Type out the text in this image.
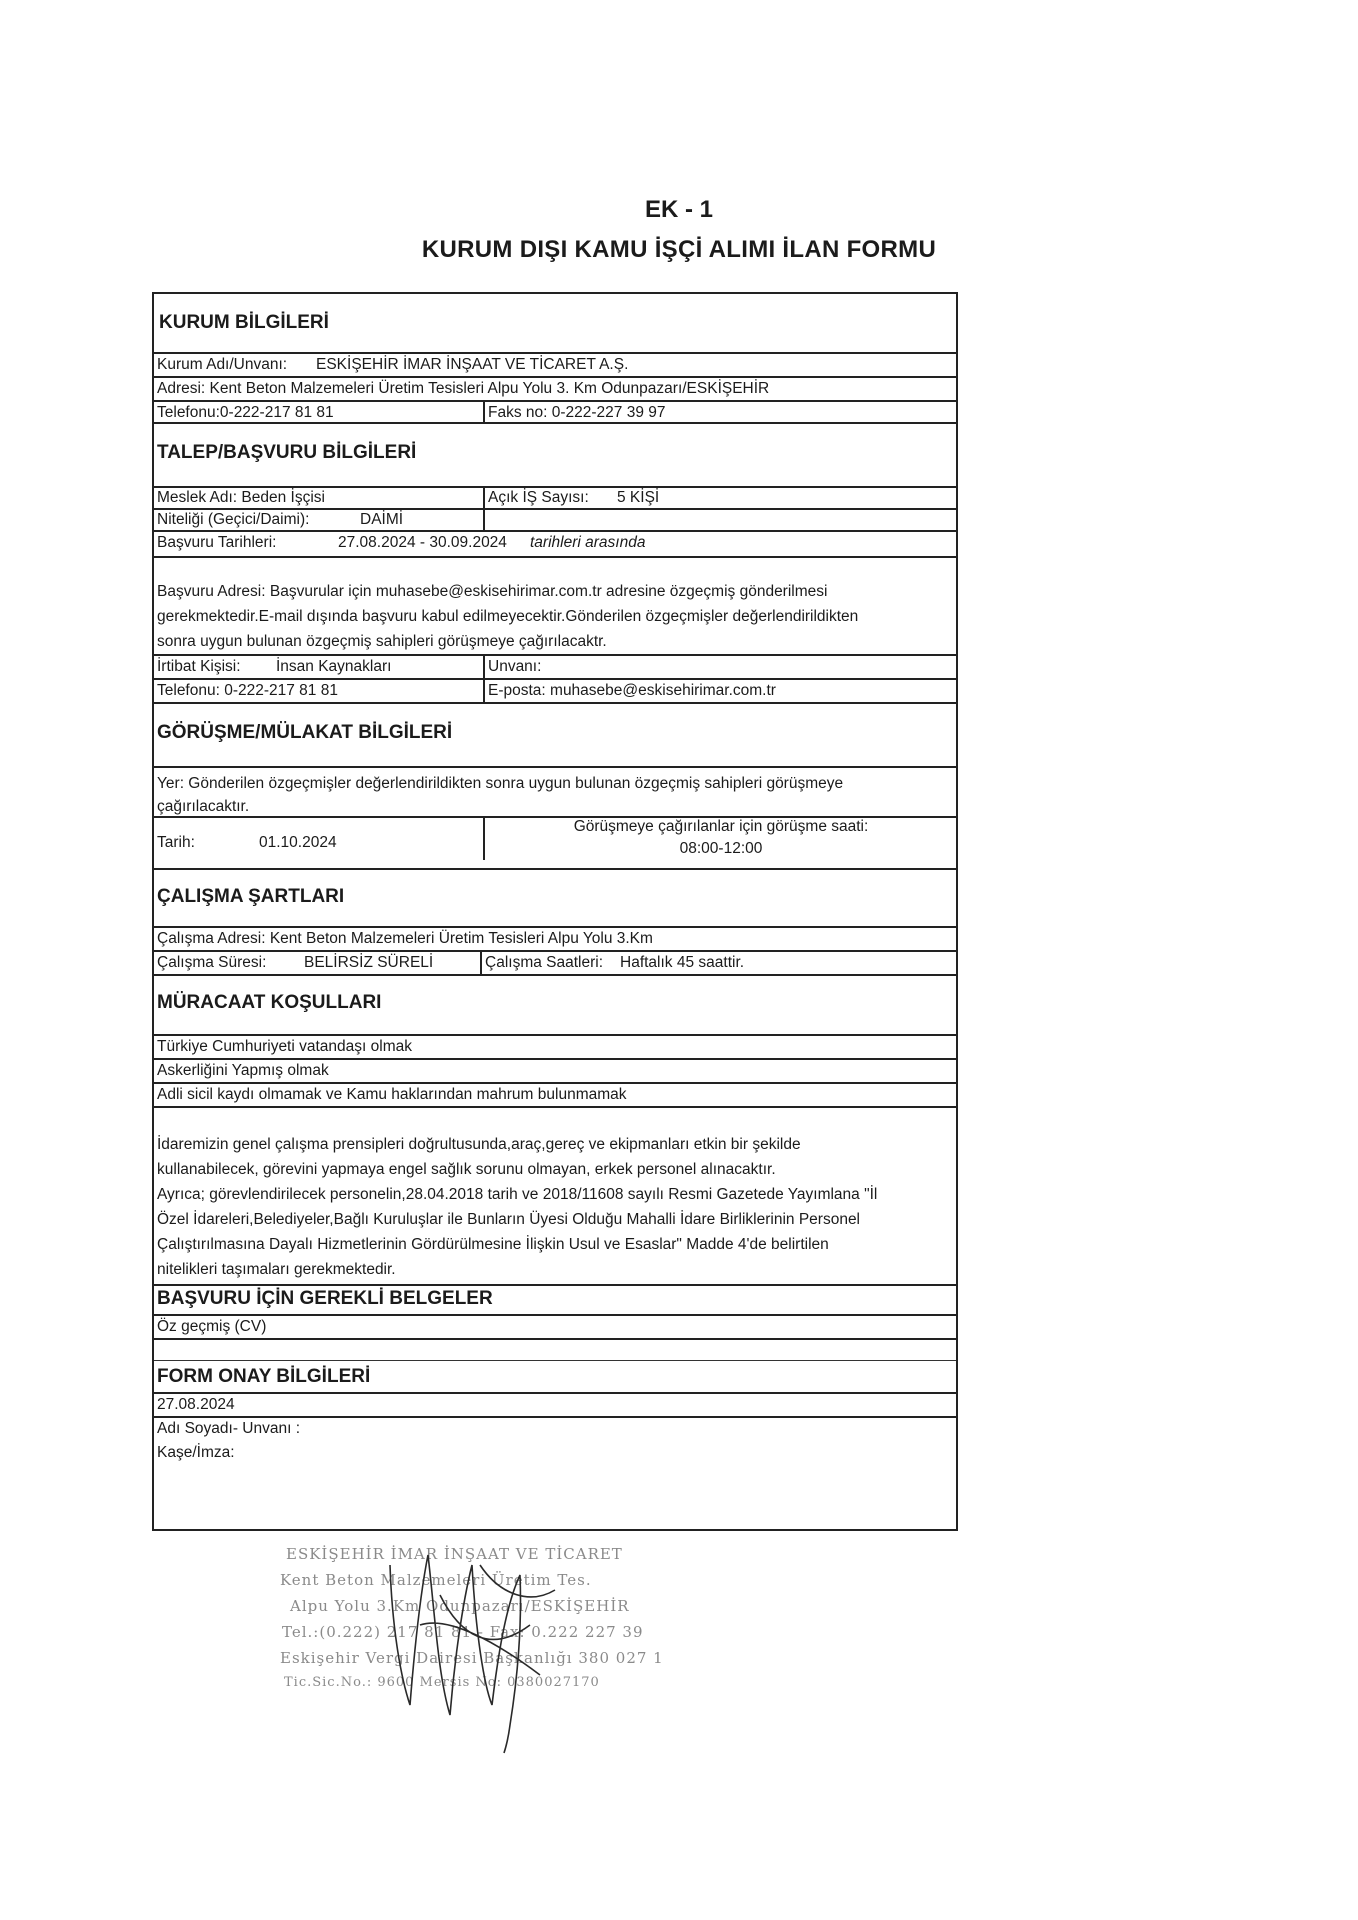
EK - 1
KURUM DIŞI KAMU İŞÇİ ALIMI İLAN FORMU
KURUM BİLGİLERİ
Kurum Adı/Unvanı: ESKİŞEHİR İMAR İNŞAAT VE TİCARET A.Ş.
Adresi: Kent Beton Malzemeleri Üretim Tesisleri Alpu Yolu 3. Km Odunpazarı/ESKİŞEHİR
Telefonu:0-222-217 81 81	Faks no: 0-222-227 39 97
TALEP/BAŞVURU BİLGİLERİ
Meslek Adı: Beden İşçisi	Açık İŞ Sayısı: 5 KİŞİ
Niteliği (Geçici/Daimi):	DAİMİ
Başvuru Tarihleri:	27.08.2024 - 30.09.2024 tarihleri arasında
Başvuru Adresi: Başvurular için muhasebe@eskisehirimar.com.tr adresine özgeçmiş gönderilmesi
gerekmektedir.E-mail dışında başvuru kabul edilmeyecektir.Gönderilen özgeçmişler değerlendirildikten
sonra uygun bulunan özgeçmiş sahipleri görüşmeye çağırılacaktr.
İrtibat Kişisi: İnsan Kaynakları	Unvanı:
Telefonu: 0-222-217 81 81	E-posta: muhasebe@eskisehirimar.com.tr
GÖRÜŞME/MÜLAKAT BİLGİLERİ
Yer: Gönderilen özgeçmişler değerlendirildikten sonra uygun bulunan özgeçmiş sahipleri görüşmeye
çağırılacaktır.
Tarih:	01.10.2024
Görüşmeye çağırılanlar için görüşme saati:
08:00-12:00
ÇALIŞMA ŞARTLARI
Çalışma Adresi: Kent Beton Malzemeleri Üretim Tesisleri Alpu Yolu 3.Km
Çalışma Süresi: BELİRSİZ SÜRELİ	Çalışma Saatleri: Haftalık 45 saattir.
MÜRACAAT KOŞULLARI
Türkiye Cumhuriyeti vatandaşı olmak
Askerliğini Yapmış olmak
Adli sicil kaydı olmamak ve Kamu haklarından mahrum bulunmamak
İdaremizin genel çalışma prensipleri doğrultusunda,araç,gereç ve ekipmanları etkin bir şekilde
kullanabilecek, görevini yapmaya engel sağlık sorunu olmayan, erkek personel alınacaktır.
Ayrıca; görevlendirilecek personelin,28.04.2018 tarih ve 2018/11608 sayılı Resmi Gazetede Yayımlana "İl
Özel İdareleri,Belediyeler,Bağlı Kuruluşlar ile Bunların Üyesi Olduğu Mahalli İdare Birliklerinin Personel
Çalıştırılmasına Dayalı Hizmetlerinin Gördürülmesine İlişkin Usul ve Esaslar" Madde 4'de belirtilen
nitelikleri taşımaları gerekmektedir.
BAŞVURU İÇİN GEREKLİ BELGELER
Öz geçmiş (CV)
FORM ONAY BİLGİLERİ
27.08.2024
Adı Soyadı- Unvanı :
Kaşe/İmza:
ESKİŞEHİR İMAR İNŞAAT VE TİCARET
Kent Beton Malzemeleri Üretim Tes.
Alpu Yolu 3.Km Odunpazarı/ESKİŞEHİR
Tel.:(0.222) 217 81 81 - Fax: 0.222 227 39
Eskişehir Vergi Dairesi Başkanlığı 380 027 1
Tic.Sic.No.: 9600 Mersis No: 0380027170
